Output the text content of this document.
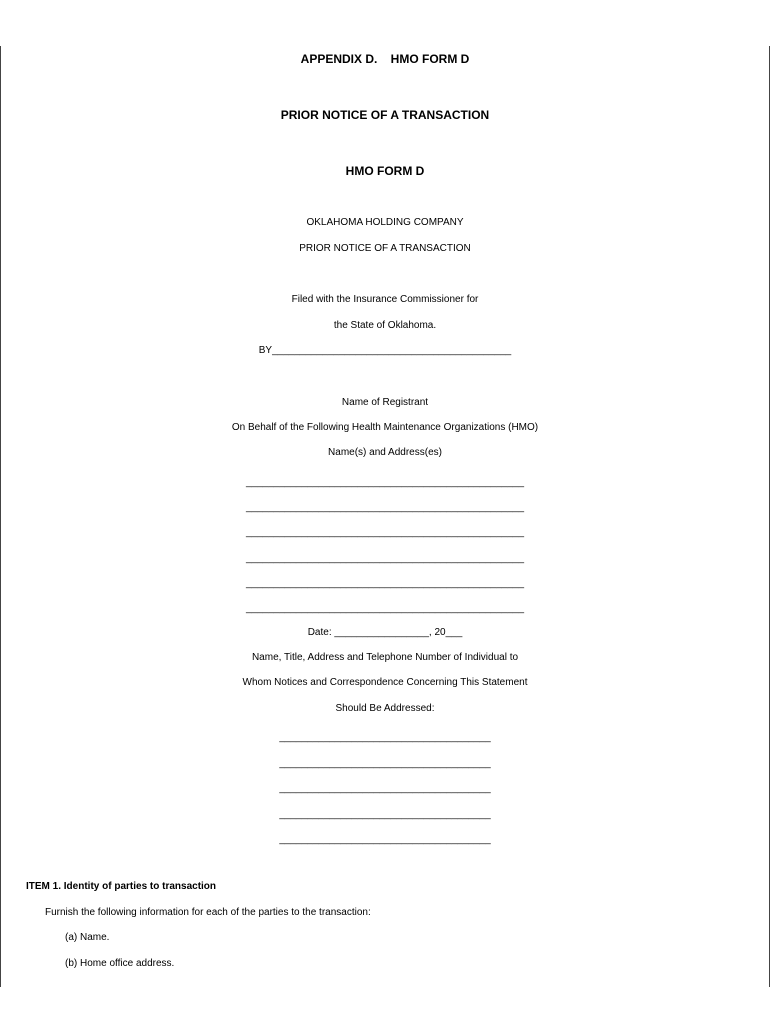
APPENDIX D.    HMO FORM D
PRIOR NOTICE OF A TRANSACTION
HMO FORM D
OKLAHOMA HOLDING COMPANY
PRIOR NOTICE OF A TRANSACTION
Filed with the Insurance Commissioner for
the State of Oklahoma.
BY___________________________________________
Name of Registrant
On Behalf of the Following Health Maintenance Organizations (HMO)
Name(s) and Address(es)
__________________________________________________
__________________________________________________
__________________________________________________
__________________________________________________
__________________________________________________
__________________________________________________
Date: _________________, 20___
Name, Title, Address and Telephone Number of Individual to
Whom Notices and Correspondence Concerning This Statement
Should Be Addressed:
______________________________________
______________________________________
______________________________________
______________________________________
______________________________________
ITEM 1. Identity of parties to transaction
Furnish the following information for each of the parties to the transaction:
(a) Name.
(b) Home office address.
